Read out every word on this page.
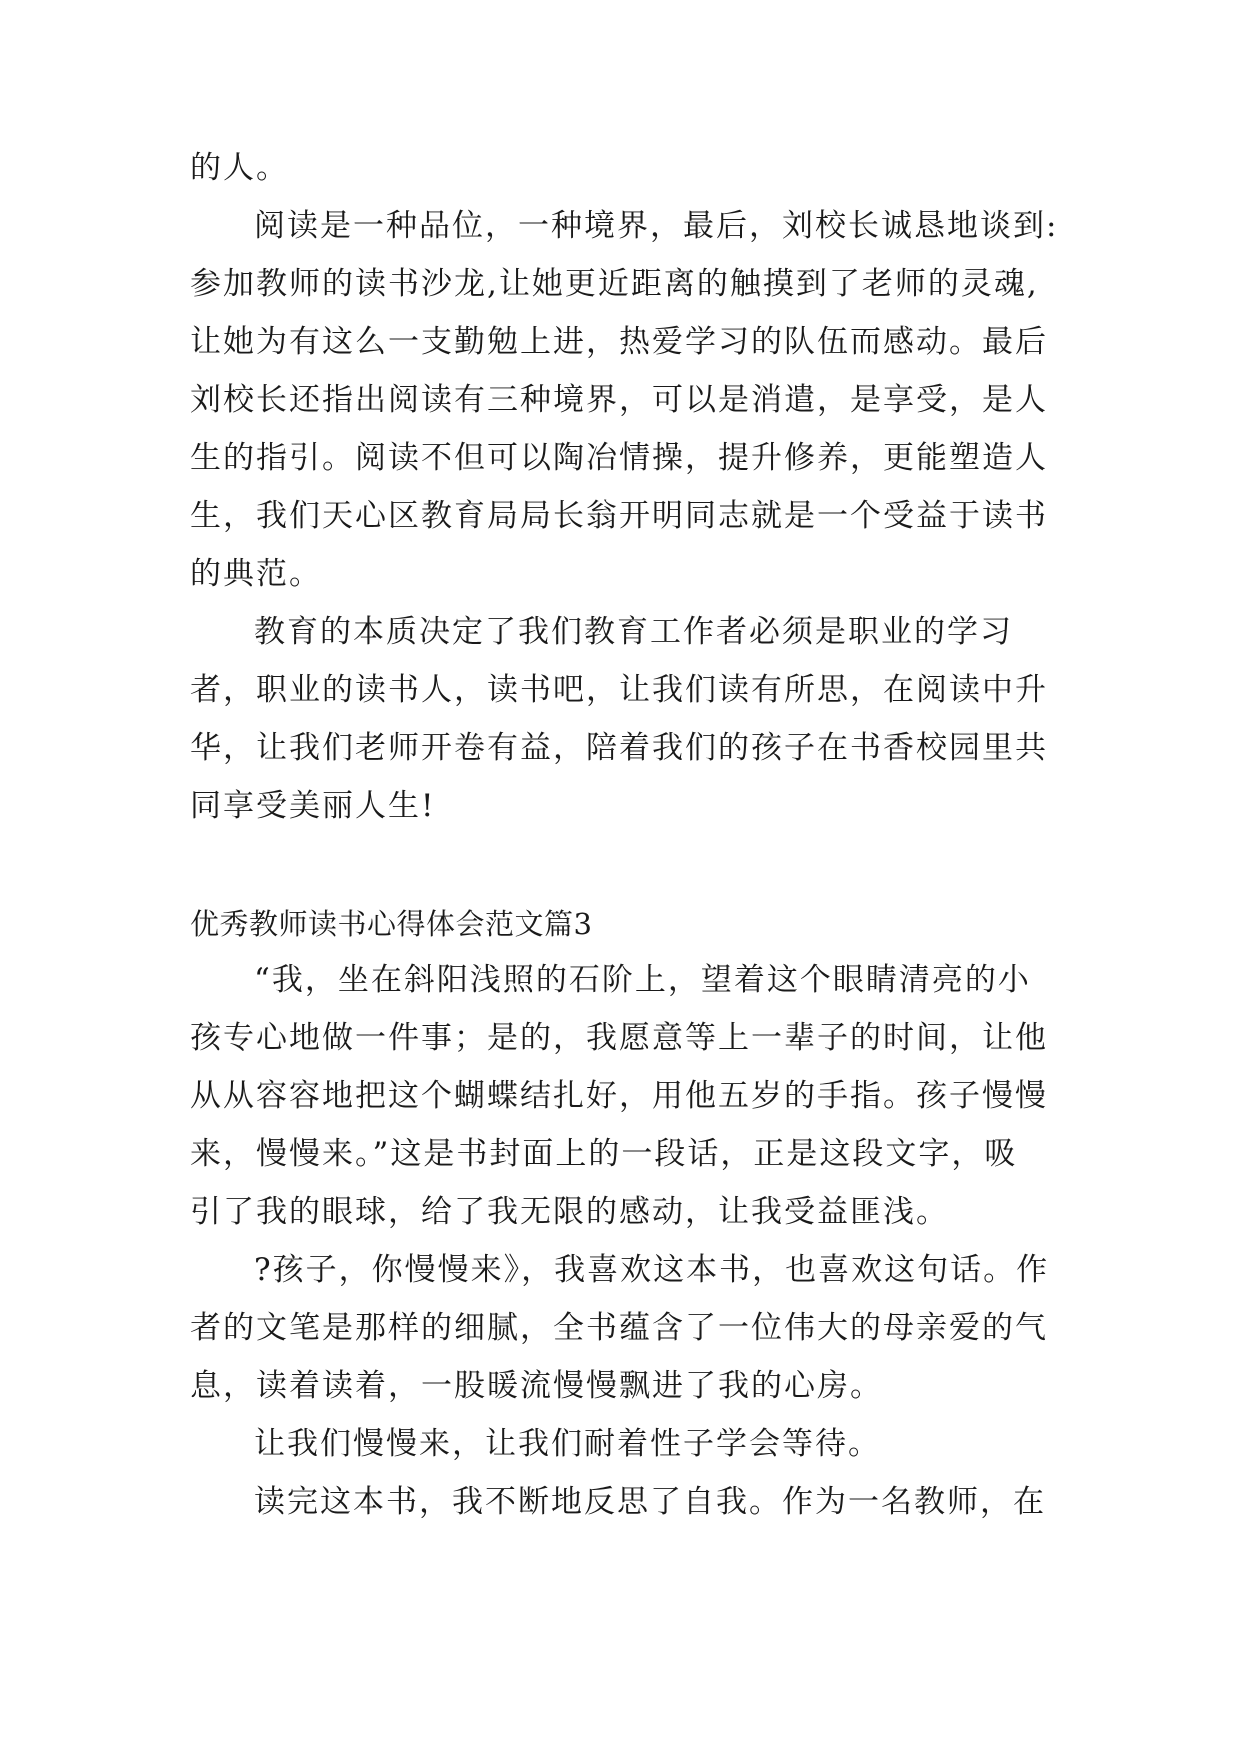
的人。
阅读是一种品位，一种境界，最后，刘校长诚恳地谈到:
参加教师的读书沙龙,让她更近距离的触摸到了老师的灵魂,
让她为有这么一支勤勉上进，热爱学习的队伍而感动。最后
刘校长还指出阅读有三种境界，可以是消遣，是享受，是人
生的指引。阅读不但可以陶冶情操，提升修养，更能塑造人
生，我们天心区教育局局长翁开明同志就是一个受益于读书
的典范。
教育的本质决定了我们教育工作者必须是职业的学习
者，职业的读书人，读书吧，让我们读有所思，在阅读中升
华，让我们老师开卷有益，陪着我们的孩子在书香校园里共
同享受美丽人生!
优秀教师读书心得体会范文篇3
“我，坐在斜阳浅照的石阶上，望着这个眼睛清亮的小
孩专心地做一件事；是的，我愿意等上一辈子的时间，让他
从从容容地把这个蝴蝶结扎好，用他五岁的手指。孩子慢慢
来，慢慢来。”这是书封面上的一段话，正是这段文字，吸
引了我的眼球，给了我无限的感动，让我受益匪浅。
?孩子，你慢慢来》，我喜欢这本书，也喜欢这句话。作
者的文笔是那样的细腻，全书蕴含了一位伟大的母亲爱的气
息，读着读着，一股暖流慢慢飘进了我的心房。
让我们慢慢来，让我们耐着性子学会等待。
读完这本书，我不断地反思了自我。作为一名教师，在
